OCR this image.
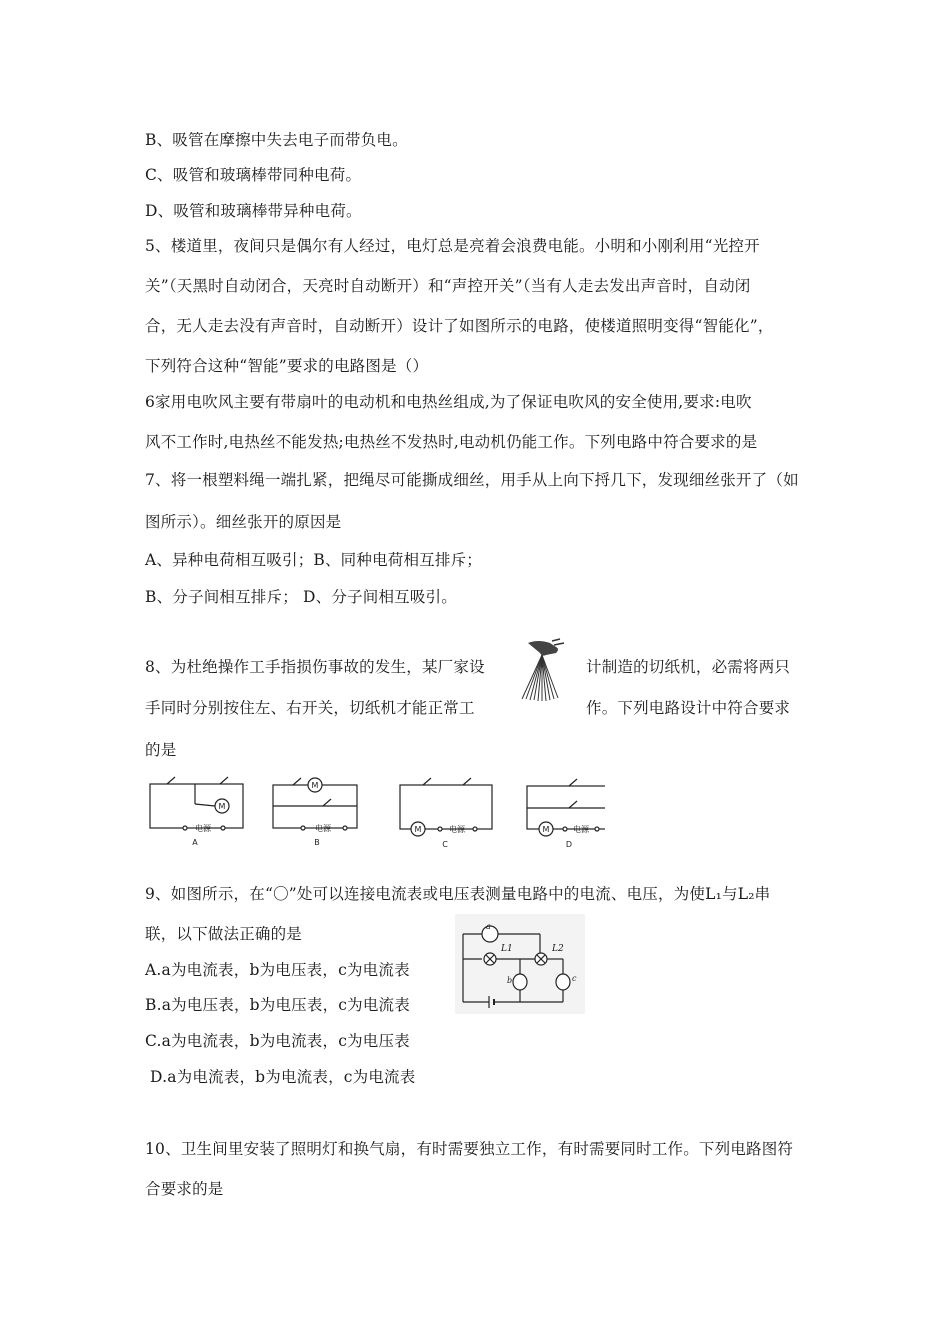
B、吸管在摩擦中失去电子而带负电。
C、吸管和玻璃棒带同种电荷。
D、吸管和玻璃棒带异种电荷。
5、楼道里，夜间只是偶尔有人经过，电灯总是亮着会浪费电能。小明和小刚利用“光控开
关”（天黑时自动闭合，天亮时自动断开）和“声控开关”（当有人走去发出声音时，自动闭
合，无人走去没有声音时，自动断开）设计了如图所示的电路，使楼道照明变得“智能化”，
下列符合这种“智能”要求的电路图是（）
6家用电吹风主要有带扇叶的电动机和电热丝组成,为了保证电吹风的安全使用,要求:电吹
风不工作时,电热丝不能发热;电热丝不发热时,电动机仍能工作。下列电路中符合要求的是
7、将一根塑料绳一端扎紧，把绳尽可能撕成细丝，用手从上向下捋几下，发现细丝张开了（如
图所示）。细丝张开的原因是
A、异种电荷相互吸引；B、同种电荷相互排斥；
B、分子间相互排斥； D、分子间相互吸引。
8、为杜绝操作工手指损伤事故的发生，某厂家设	计制造的切纸机，必需将两只
手同时分别按住左、右开关，切纸机才能正常工	作。下列电路设计中符合要求
的是
M
电源
A
M
电源
B
M	电源
C
M	电源
D
9、如图所示，在“〇”处可以连接电流表或电压表测量电路中的电流、电压，为使L₁与L₂串
联，以下做法正确的是
A.a为电流表，b为电压表，c为电流表
B.a为电压表，b为电压表，c为电流表
C.a为电流表，b为电流表，c为电压表
D.a为电流表，b为电流表，c为电流表
a
L1	L2
b	c
10、卫生间里安装了照明灯和换气扇，有时需要独立工作，有时需要同时工作。下列电路图符
合要求的是
